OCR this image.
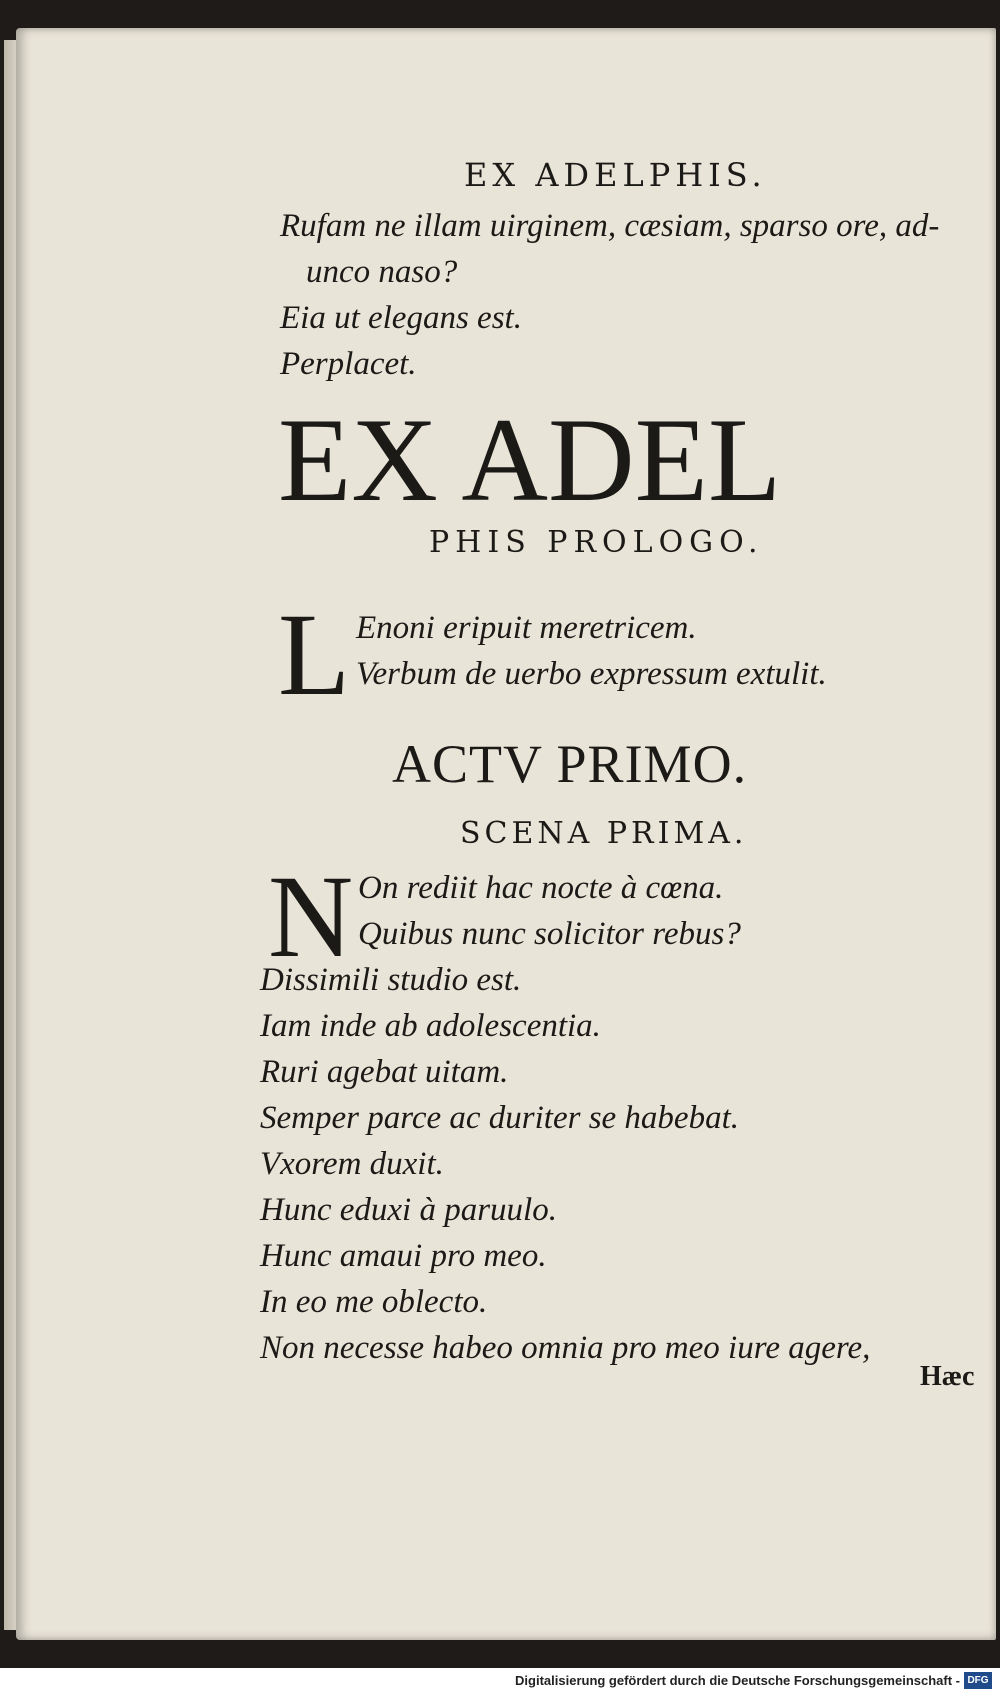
EX ADELPHIS.
Rufam ne illam uirginem, cæsiam, sparso ore, ad-
unco naso?
Eia ut elegans est.
Perplacet.
EX ADEL
PHIS PROLOGO.
L Enoni eripuit meretricem.
Verbum de uerbo expressum extulit.
ACTV PRIMO.
SCENA PRIMA.
N On rediit hac nocte à cœna.
Quibus nunc solicitor rebus?
Dissimili studio est.
Iam inde ab adolescentia.
Ruri agebat uitam.
Semper parce ac duriter se habebat.
Vxorem duxit.
Hunc eduxi à paruulo.
Hunc amaui pro meo.
In eo me oblecto.
Non necesse habeo omnia pro meo iure agere,
Hæc
Digitalisierung gefördert durch die Deutsche Forschungsgemeinschaft - DFG
